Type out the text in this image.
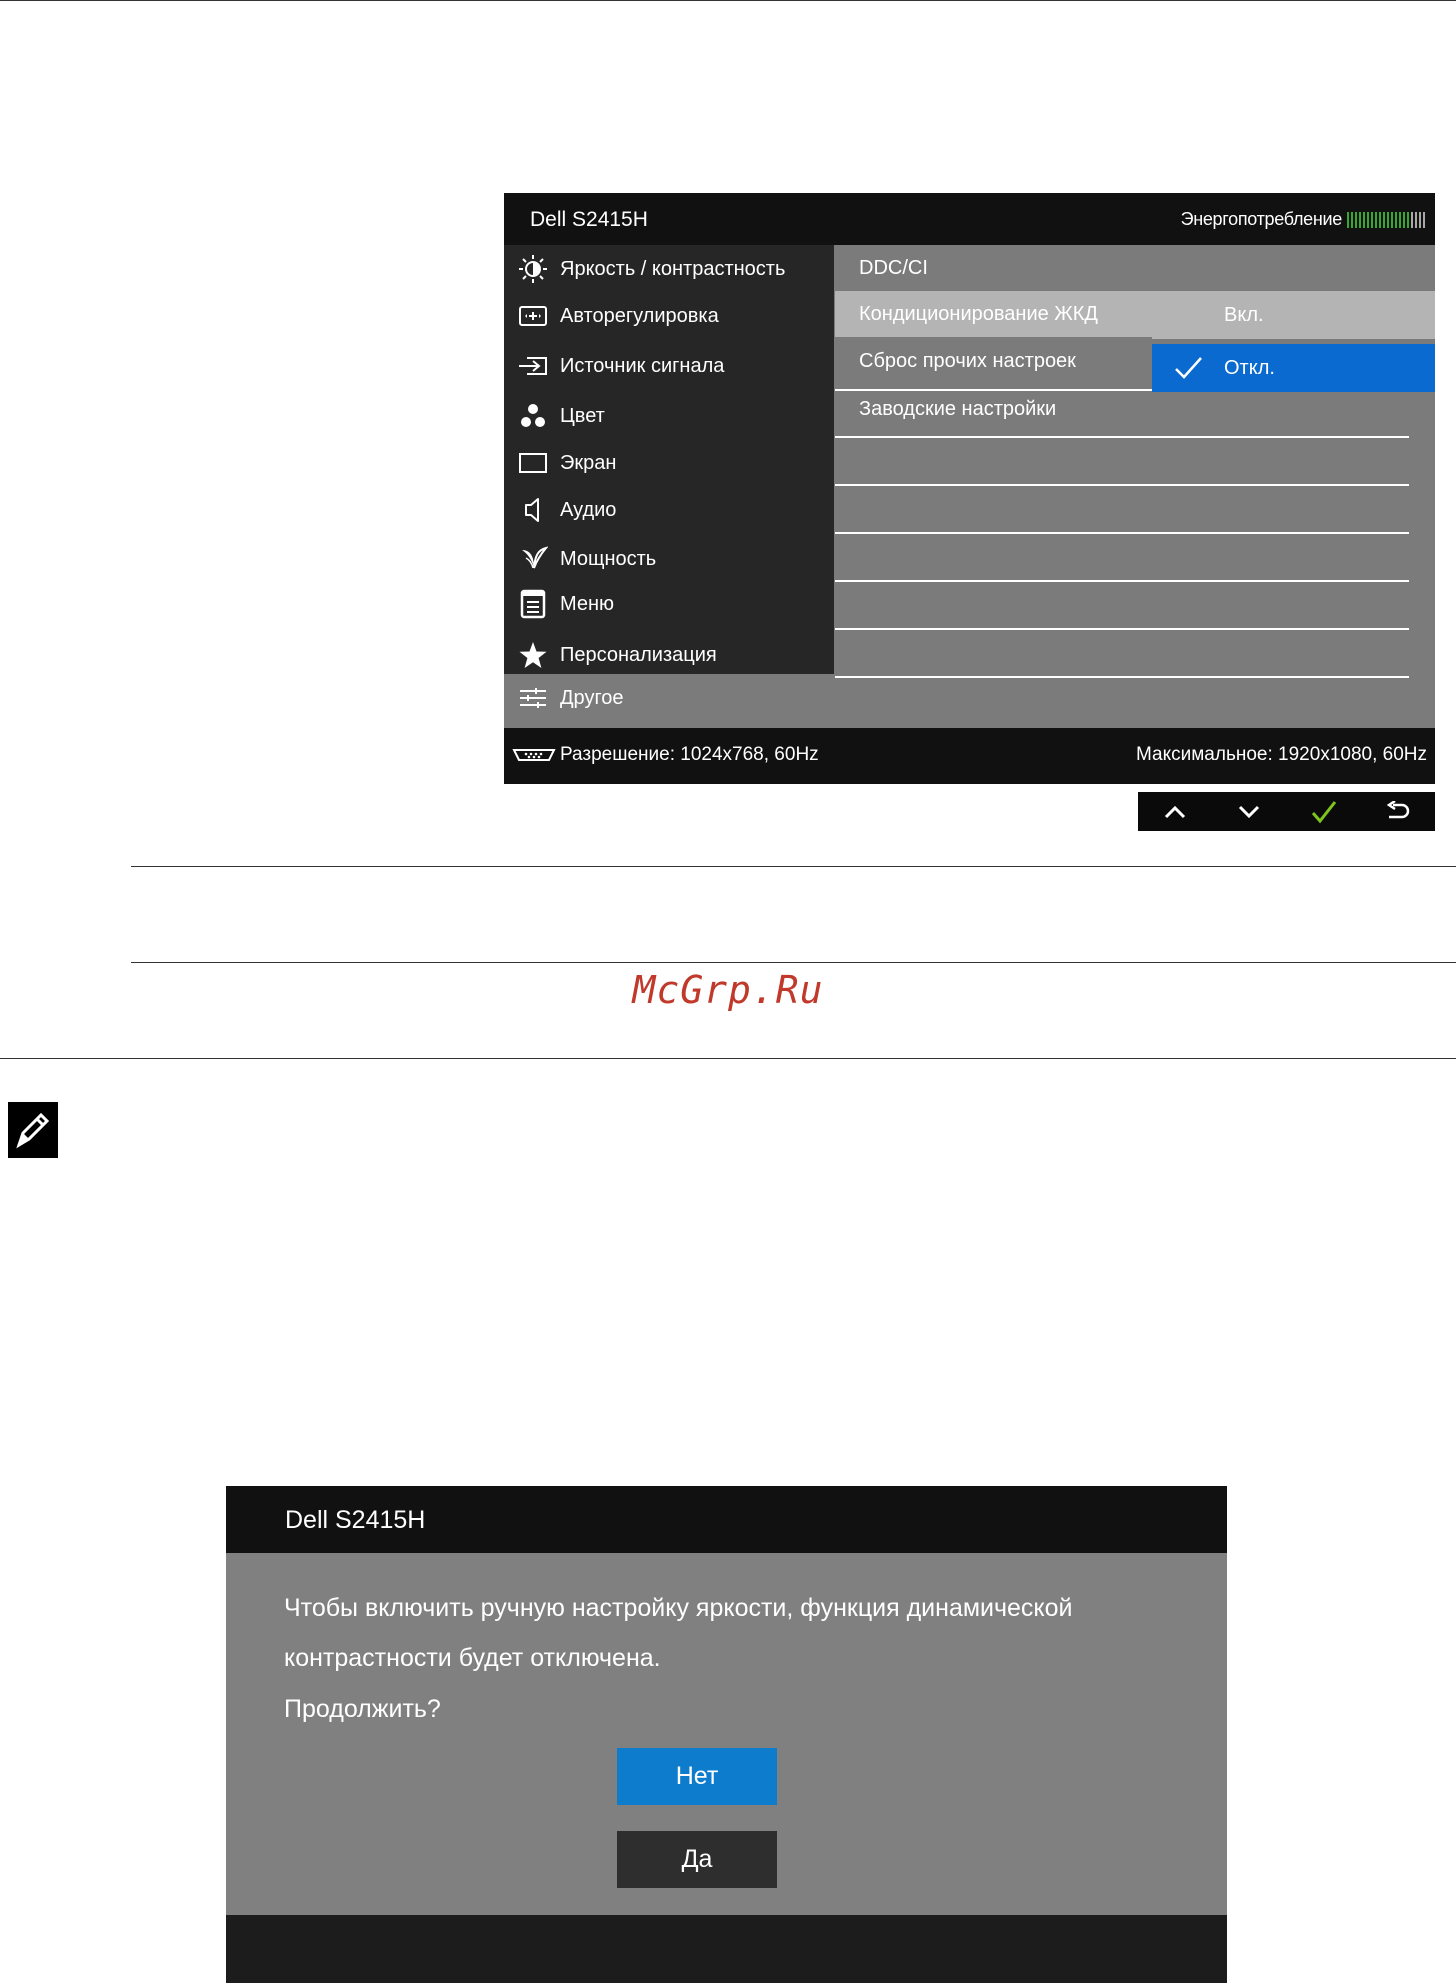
Dell S2415H	Энергопотребление
Яркость / контрастность
Авторегулировка
Источник сигнала
Цвет
Экран
Аудио
Мощность
Меню
Персонализация
Другое
DDC/CI
Кондиционирование ЖКД
Сброс прочих настроек
Заводские настройки
Вкл.
Откл.
Разрешение: 1024x768, 60Hz	Максимальное: 1920x1080, 60Hz
McGrp.Ru
Dell S2415H
Чтобы включить ручную настройку яркости, функция динамической
контрастности будет отключена.
Продолжить?
Нет
Да
